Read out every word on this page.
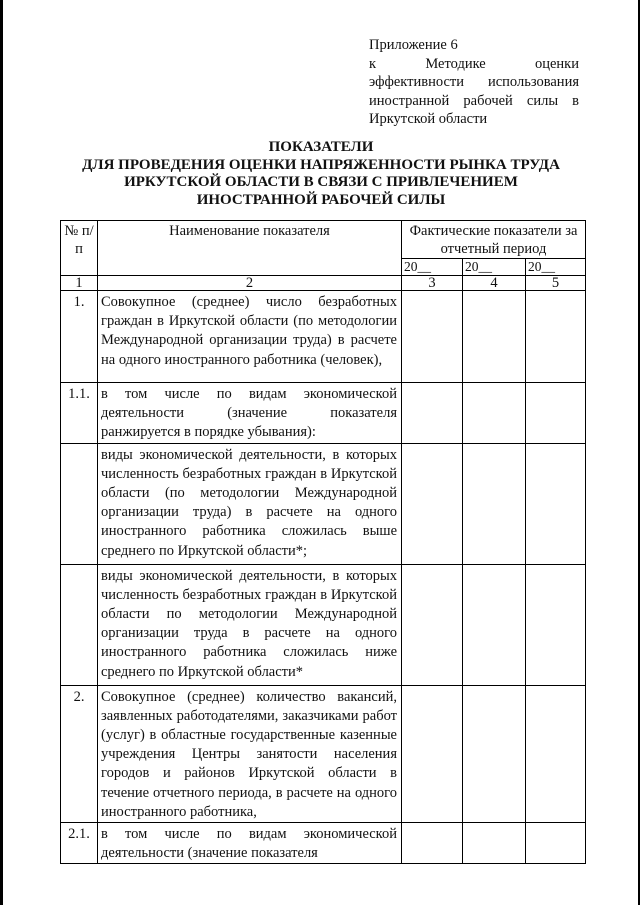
Приложение 6
к Методике оценки
эффективности использования
иностранной рабочей силы в
Иркутской области
ПОКАЗАТЕЛИ
ДЛЯ ПРОВЕДЕНИЯ ОЦЕНКИ НАПРЯЖЕННОСТИ РЫНКА ТРУДА
ИРКУТСКОЙ ОБЛАСТИ В СВЯЗИ С ПРИВЛЕЧЕНИЕМ
ИНОСТРАННОЙ РАБОЧЕЙ СИЛЫ
№ п/п	Наименование показателя	Фактические показатели за отчетный период		
		20__	20__	20__
1	2	3	4	5
1.	Совокупное (среднее) число безработных граждан в Иркутской области (по методологии Международной организации труда) в расчете на одного иностранного работника (человек),			
1.1.	в том числе по видам экономической деятельности (значение показателя ранжируется в порядке убывания):			
	виды экономической деятельности, в которых численность безработных граждан в Иркутской области (по методологии Международной организации труда) в расчете на одного иностранного работника сложилась выше среднего по Иркутской области*;			
	виды экономической деятельности, в которых численность безработных граждан в Иркутской области по методологии Международной организации труда в расчете на одного иностранного работника сложилась ниже среднего по Иркутской области*			
2.	Совокупное (среднее) количество вакансий, заявленных работодателями, заказчиками работ (услуг) в областные государственные казенные учреждения Центры занятости населения городов и районов Иркутской области в течение отчетного периода, в расчете на одного иностранного работника,			
2.1.	в том числе по видам экономической деятельности (значение показателя			
